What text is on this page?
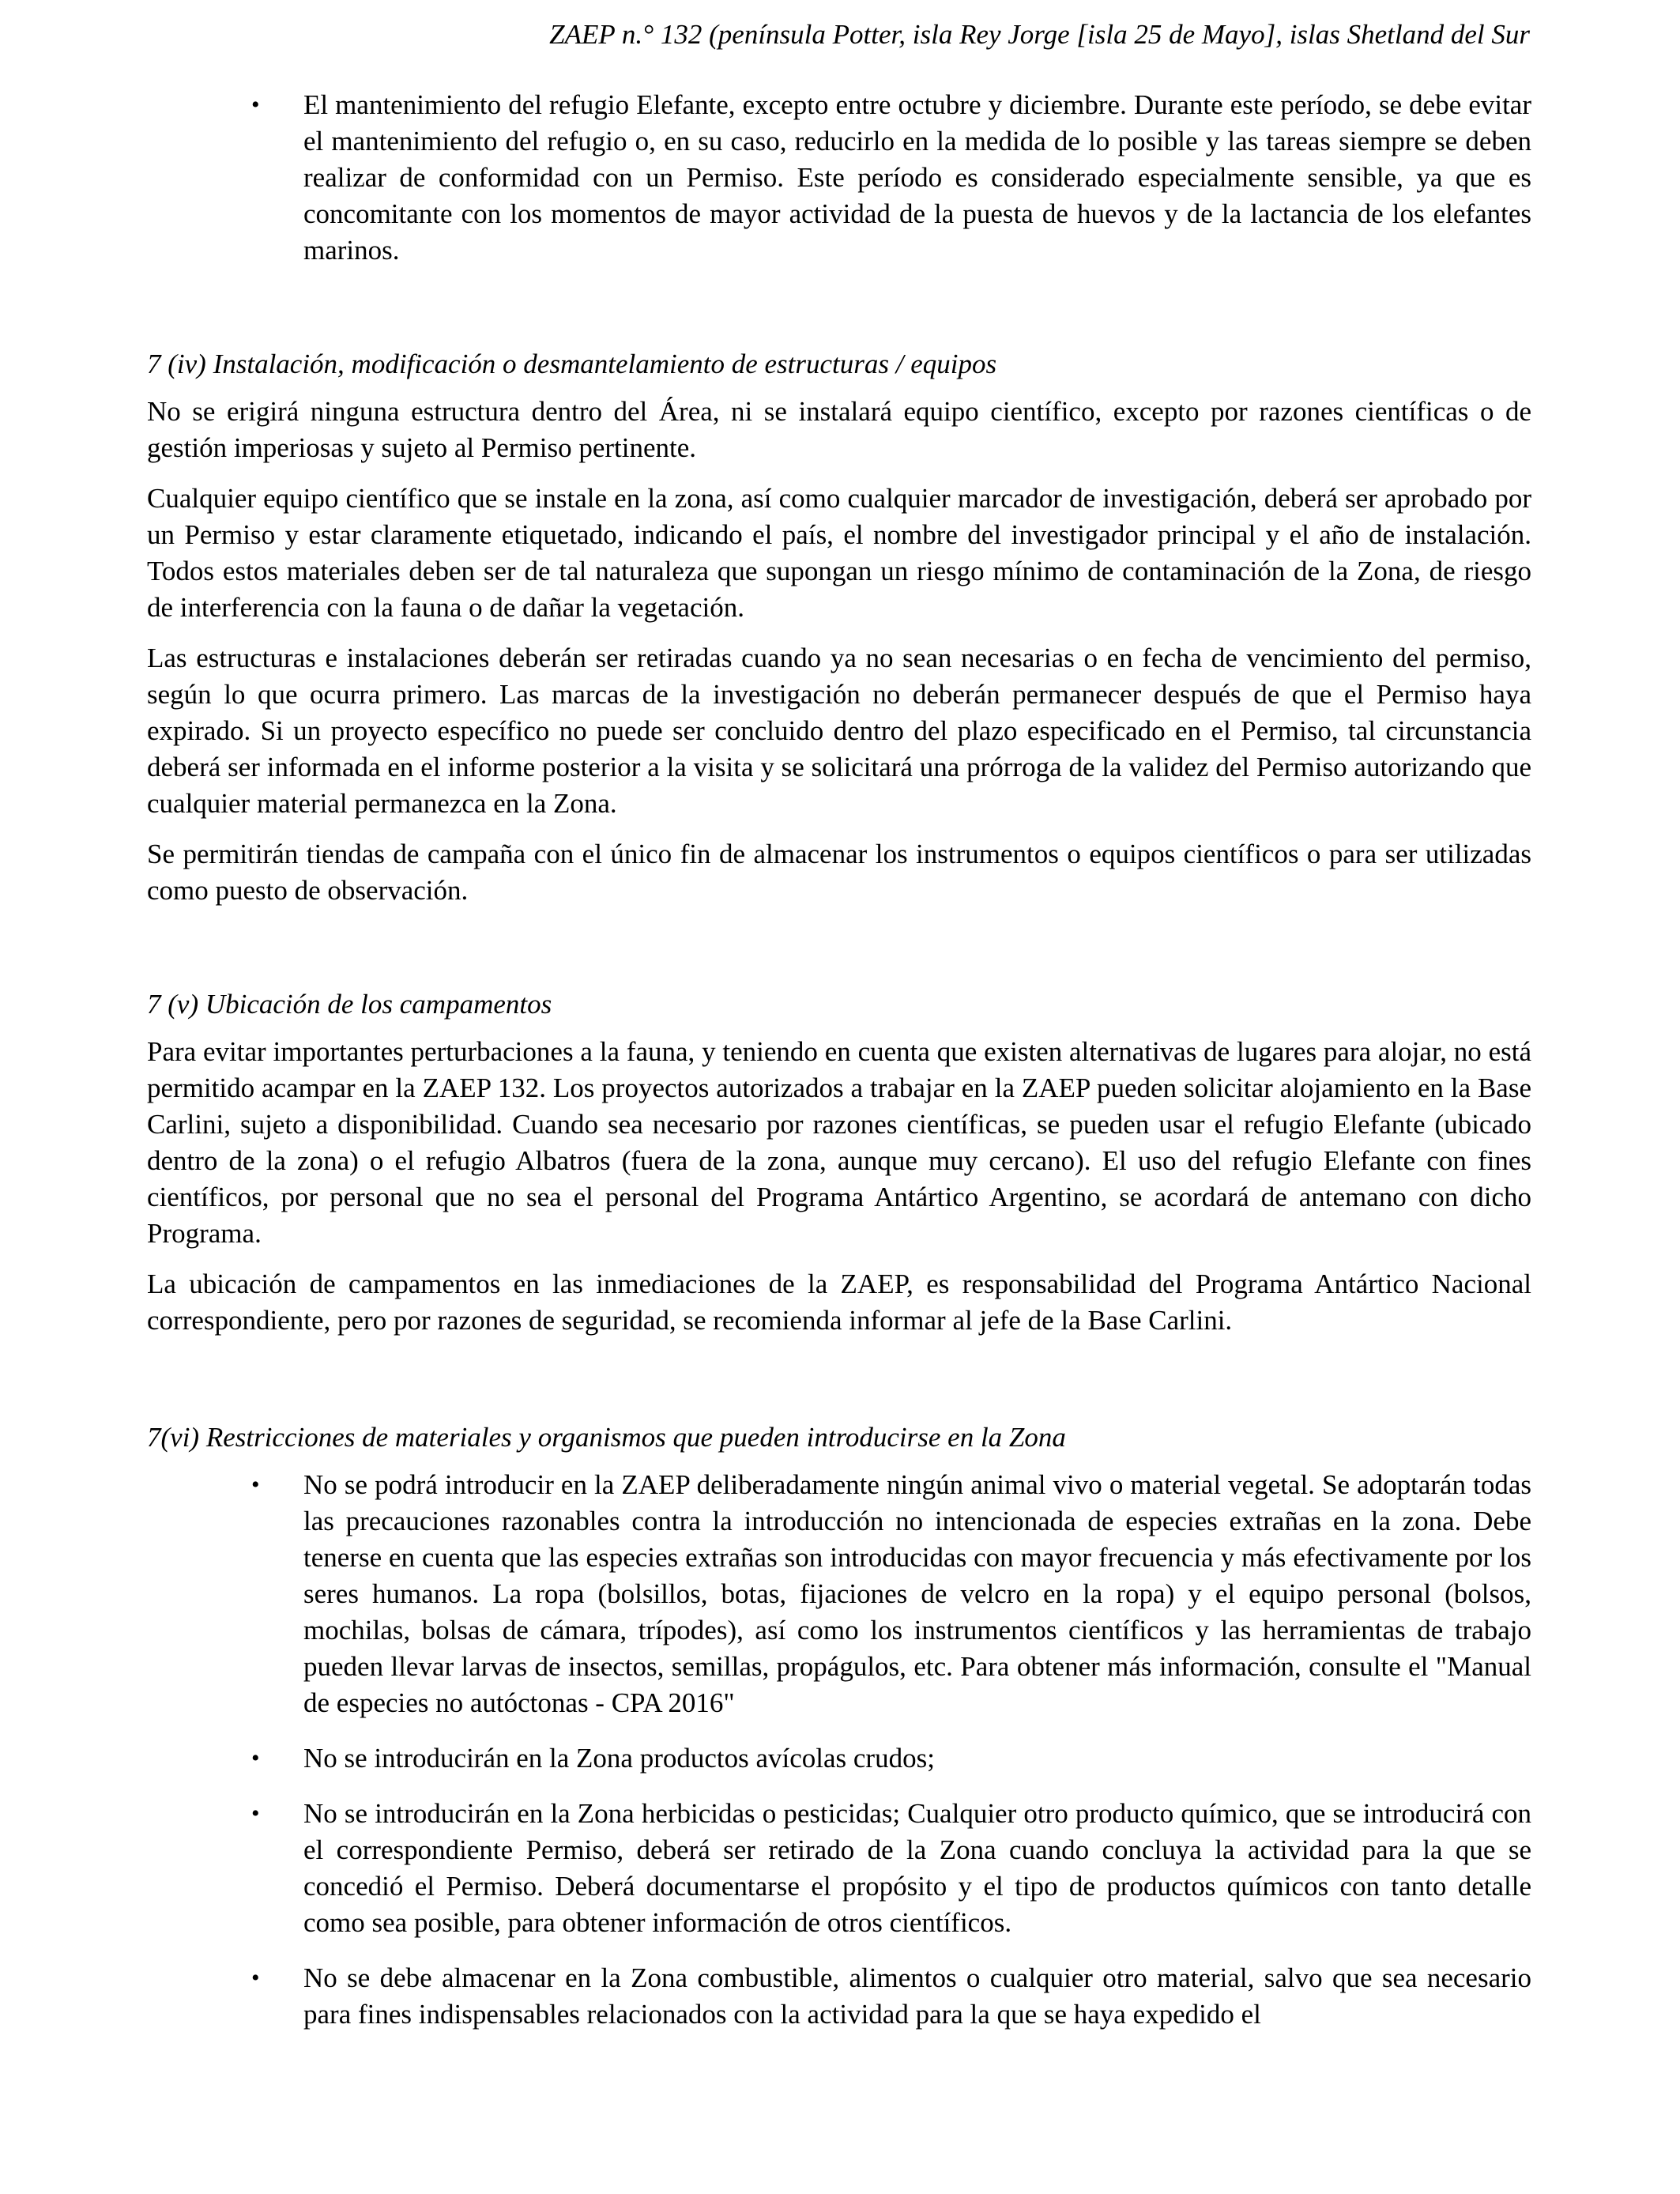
ZAEP n.° 132 (península Potter, isla Rey Jorge [isla 25 de Mayo], islas Shetland del Sur
• El mantenimiento del refugio Elefante, excepto entre octubre y diciembre. Durante este período, se debe evitar el mantenimiento del refugio o, en su caso, reducirlo en la medida de lo posible y las tareas siempre se deben realizar de conformidad con un Permiso. Este período es considerado especialmente sensible, ya que es concomitante con los momentos de mayor actividad de la puesta de huevos y de la lactancia de los elefantes marinos.
7 (iv) Instalación, modificación o desmantelamiento de estructuras / equipos

No se erigirá ninguna estructura dentro del Área, ni se instalará equipo científico, excepto por razones científicas o de gestión imperiosas y sujeto al Permiso pertinente.

Cualquier equipo científico que se instale en la zona, así como cualquier marcador de investigación, deberá ser aprobado por un Permiso y estar claramente etiquetado, indicando el país, el nombre del investigador principal y el año de instalación. Todos estos materiales deben ser de tal naturaleza que supongan un riesgo mínimo de contaminación de la Zona, de riesgo de interferencia con la fauna o de dañar la vegetación.

Las estructuras e instalaciones deberán ser retiradas cuando ya no sean necesarias o en fecha de vencimiento del permiso, según lo que ocurra primero. Las marcas de la investigación no deberán permanecer después de que el Permiso haya expirado. Si un proyecto específico no puede ser concluido dentro del plazo especificado en el Permiso, tal circunstancia deberá ser informada en el informe posterior a la visita y se solicitará una prórroga de la validez del Permiso autorizando que cualquier material permanezca en la Zona.

Se permitirán tiendas de campaña con el único fin de almacenar los instrumentos o equipos científicos o para ser utilizadas como puesto de observación.

7 (v) Ubicación de los campamentos

Para evitar importantes perturbaciones a la fauna, y teniendo en cuenta que existen alternativas de lugares para alojar, no está permitido acampar en la ZAEP 132. Los proyectos autorizados a trabajar en la ZAEP pueden solicitar alojamiento en la Base Carlini, sujeto a disponibilidad. Cuando sea necesario por razones científicas, se pueden usar el refugio Elefante (ubicado dentro de la zona) o el refugio Albatros (fuera de la zona, aunque muy cercano). El uso del refugio Elefante con fines científicos, por personal que no sea el personal del Programa Antártico Argentino, se acordará de antemano con dicho Programa.

La ubicación de campamentos en las inmediaciones de la ZAEP, es responsabilidad del Programa Antártico Nacional correspondiente, pero por razones de seguridad, se recomienda informar al jefe de la Base Carlini.

7(vi) Restricciones de materiales y organismos que pueden introducirse en la Zona
• No se podrá introducir en la ZAEP deliberadamente ningún animal vivo o material vegetal. Se adoptarán todas las precauciones razonables contra la introducción no intencionada de especies extrañas en la zona. Debe tenerse en cuenta que las especies extrañas son introducidas con mayor frecuencia y más efectivamente por los seres humanos. La ropa (bolsillos, botas, fijaciones de velcro en la ropa) y el equipo personal (bolsos, mochilas, bolsas de cámara, trípodes), así como los instrumentos científicos y las herramientas de trabajo pueden llevar larvas de insectos, semillas, propágulos, etc. Para obtener más información, consulte el "Manual de especies no autóctonas - CPA 2016"
• No se introducirán en la Zona productos avícolas crudos;
• No se introducirán en la Zona herbicidas o pesticidas; Cualquier otro producto químico, que se introducirá con el correspondiente Permiso, deberá ser retirado de la Zona cuando concluya la actividad para la que se concedió el Permiso. Deberá documentarse el propósito y el tipo de productos químicos con tanto detalle como sea posible, para obtener información de otros científicos.
• No se debe almacenar en la Zona combustible, alimentos o cualquier otro material, salvo que sea necesario para fines indispensables relacionados con la actividad para la que se haya expedido el
